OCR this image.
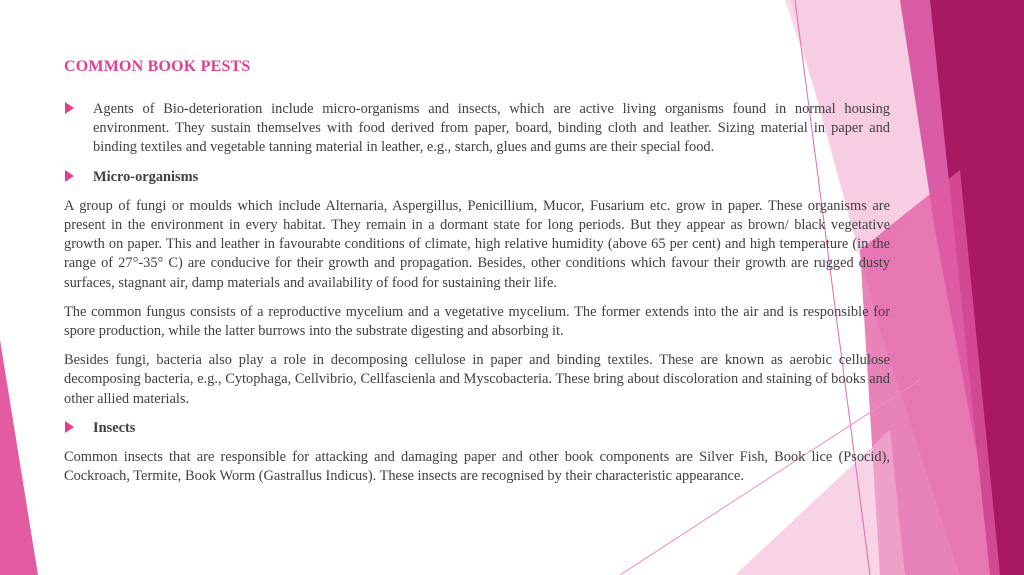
COMMON BOOK PESTS
Agents of Bio-deterioration include micro-organisms and insects, which are active living organisms found in normal housing environment. They sustain themselves with food derived from paper, board, binding cloth and leather. Sizing material in paper and binding textiles and vegetable tanning material in leather, e.g., starch, glues and gums are their special food.
Micro-organisms

A group of fungi or moulds which include Alternaria, Aspergillus, Penicillium, Mucor, Fusarium etc. grow in paper. These organisms are present in the environment in every habitat. They remain in a dormant state for long periods. But they appear as brown/ black vegetative growth on paper. This and leather in favourabte conditions of climate, high relative humidity (above 65 per cent) and high temperature (in the range of 27°-35° C) are conducive for their growth and propagation. Besides, other conditions which favour their growth are rugged dusty surfaces, stagnant air, damp materials and availability of food for sustaining their life.

The common fungus consists of a reproductive mycelium and a vegetative mycelium. The former extends into the air and is responsible for spore production, while the latter burrows into the substrate digesting and absorbing it.

Besides fungi, bacteria also play a role in decomposing cellulose in paper and binding textiles. These are known as aerobic cellulose decomposing bacteria, e.g., Cytophaga, Cellvibrio, Cellfascienla and Myscobacteria. These bring about discoloration and staining of books and other allied materials.

Insects

Common insects that are responsible for attacking and damaging paper and other book components are Silver Fish, Book lice (Psocid), Cockroach, Termite, Book Worm (Gastrallus Indicus). These insects are recognised by their characteristic appearance.
